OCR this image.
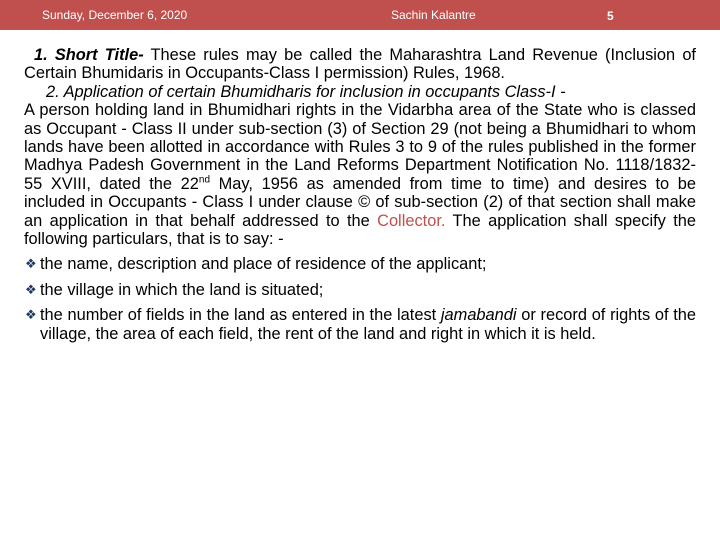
Sunday, December 6, 2020	Sachin Kalantre	5

1. Short Title- These rules may be called the Maharashtra Land Revenue (Inclusion of Certain Bhumidaris in Occupants-Class I permission) Rules, 1968.

2. Application of certain Bhumidharis for inclusion in occupants Class-I -

A person holding land in Bhumidhari rights in the Vidarbha area of the State who is classed as Occupant - Class II under sub-section (3) of Section 29 (not being a Bhumidhari to whom lands have been allotted in accordance with Rules 3 to 9 of the rules published in the former Madhya Padesh Government in the Land Reforms Department Notification No. 1118/1832-55 XVIII, dated the 22nd May, 1956 as amended from time to time) and desires to be included in Occupants - Class I under clause © of sub-section (2) of that section shall make an application in that behalf addressed to the Collector. The application shall specify the following particulars, that is to say: -

❖ the name, description and place of residence of the applicant;
❖ the village in which the land is situated;
❖ the number of fields in the land as entered in the latest jamabandi or record of rights of the village, the area of each field, the rent of the land and right in which it is held.
